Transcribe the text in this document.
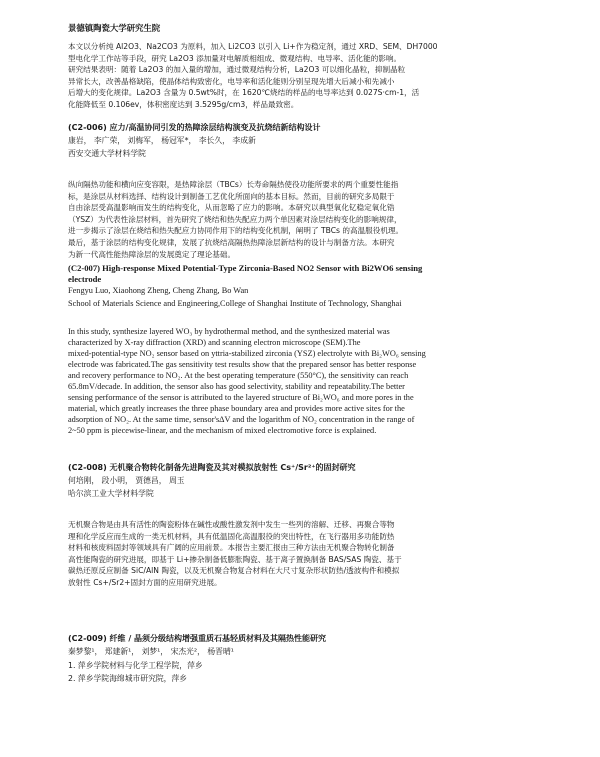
景德镇陶瓷大学研究生院

本文以分析纯 Al2O3、Na2CO3 为原料，加入 Li2CO3 以引入 Li+作为稳定剂，通过 XRD、SEM、DH7000
型电化学工作站等手段，研究 La2O3 添加量对电解质相组成、微观结构、电导率、活化能的影响。
研究结果表明：随着 La2O3 的加入量的增加，通过微观结构分析，La2O3 可以细化晶粒，抑制晶粒
异常长大，改善晶格缺陷，使晶体结构致密化，电导率和活化能则分别呈现先增大后减小和先减小
后增大的变化规律。La2O3 含量为 0.5wt%时，在 1620℃烧结的样品的电导率达到 0.027S·cm-1，活
化能降低至 0.106ev，体积密度达到 3.5295g/cm3，样品最致密。

(C2-006) 应力/高温协同引发的热障涂层结构演变及抗烧结新结构设计
康岩， 李广荣， 刘梅军， 杨冠军*， 李长久， 李成新
西安交通大学材料学院

纵向隔热功能和横向应变容限，是热障涂层（TBCs）长寿命隔热使役功能所要求的两个重要性能指
标，是涂层从材料选择、结构设计到制备工艺优化所面向的基本目标。然而，目前的研究多局限于
自由涂层受高温影响而发生的结构变化，从而忽略了应力的影响。本研究以典型氧化钇稳定氧化锆
（YSZ）为代表性涂层材料，首先研究了烧结和热失配应力两个单因素对涂层结构变化的影响规律，
进一步揭示了涂层在烧结和热失配应力协同作用下的结构变化机制，阐明了 TBCs 的高温服役机理。
最后，基于涂层的结构变化规律，发展了抗烧结高隔热热障涂层新结构的设计与制备方法。本研究
为新一代高性能热障涂层的发展奠定了理论基础。

(C2-007) High-response Mixed Potential-Type Zirconia-Based NO2 Sensor with Bi2WO6 sensing
electrode
Fengyu Luo, Xiaohong Zheng, Cheng Zhang, Bo Wan
School of Materials Science and Engineering,College of Shanghai Institute of Technology, Shanghai

In this study, synthesize layered WO₃ by hydrothermal method, and the synthesized material was
characterized by X-ray diffraction (XRD) and scanning electron microscope (SEM).The
mixed-potential-type NO₂ sensor based on yttria-stabilized zirconia (YSZ) electrolyte with Bi₂WO₆ sensing
electrode was fabricated.The gas sensitivity test results show that the prepared sensor has better response
and recovery performance to NO₂. At the best operating temperature (550°C), the sensitivity can reach
65.8mV/decade. In addition, the sensor also has good selectivity, stability and repeatability.The better
sensing performance of the sensor is attributed to the layered structure of Bi₂WO₆ and more pores in the
material, which greatly increases the three phase boundary area and provides more active sites for the
adsorption of NO₂. At the same time, sensor'sΔV and the logarithm of NO₂ concentration in the range of
2~50 ppm is piecewise-linear, and the mechanism of mixed electromotive force is explained.

(C2-008) 无机聚合物转化制备先进陶瓷及其对模拟放射性 Cs⁺/Sr²⁺的固封研究
何培刚， 段小明， 贾德昌， 周玉
哈尔滨工业大学材料学院

无机聚合物是由具有活性的陶瓷粉体在碱性或酸性激发剂中发生一些列的溶解、迁移、再聚合等物
理和化学反应而生成的一类无机材料，具有低温固化高温服役的突出特性，在飞行器用多功能防热
材料和核废料固封等领域具有广阔的应用前景。本报告主要汇报由三种方法由无机聚合物转化制备
高性能陶瓷的研究进展，即基于 Li+掺杂制备低膨胀陶瓷、基于离子置换制备 BAS/SAS 陶瓷、基于
碳热还原反应制备 SiC/AlN 陶瓷，以及无机聚合物复合材料在大尺寸复杂形状防热/透波构件和模拟
放射性 Cs+/Sr2+固封方面的应用研究进展。

(C2-009) 纤维 / 晶须分级结构增强重质石基轻质材料及其隔热性能研究
秦梦黎¹， 郑建新¹， 刘梦¹， 宋杰光²， 杨晋晴¹
1. 萍乡学院材料与化学工程学院，萍乡
2. 萍乡学院海绵城市研究院，萍乡
